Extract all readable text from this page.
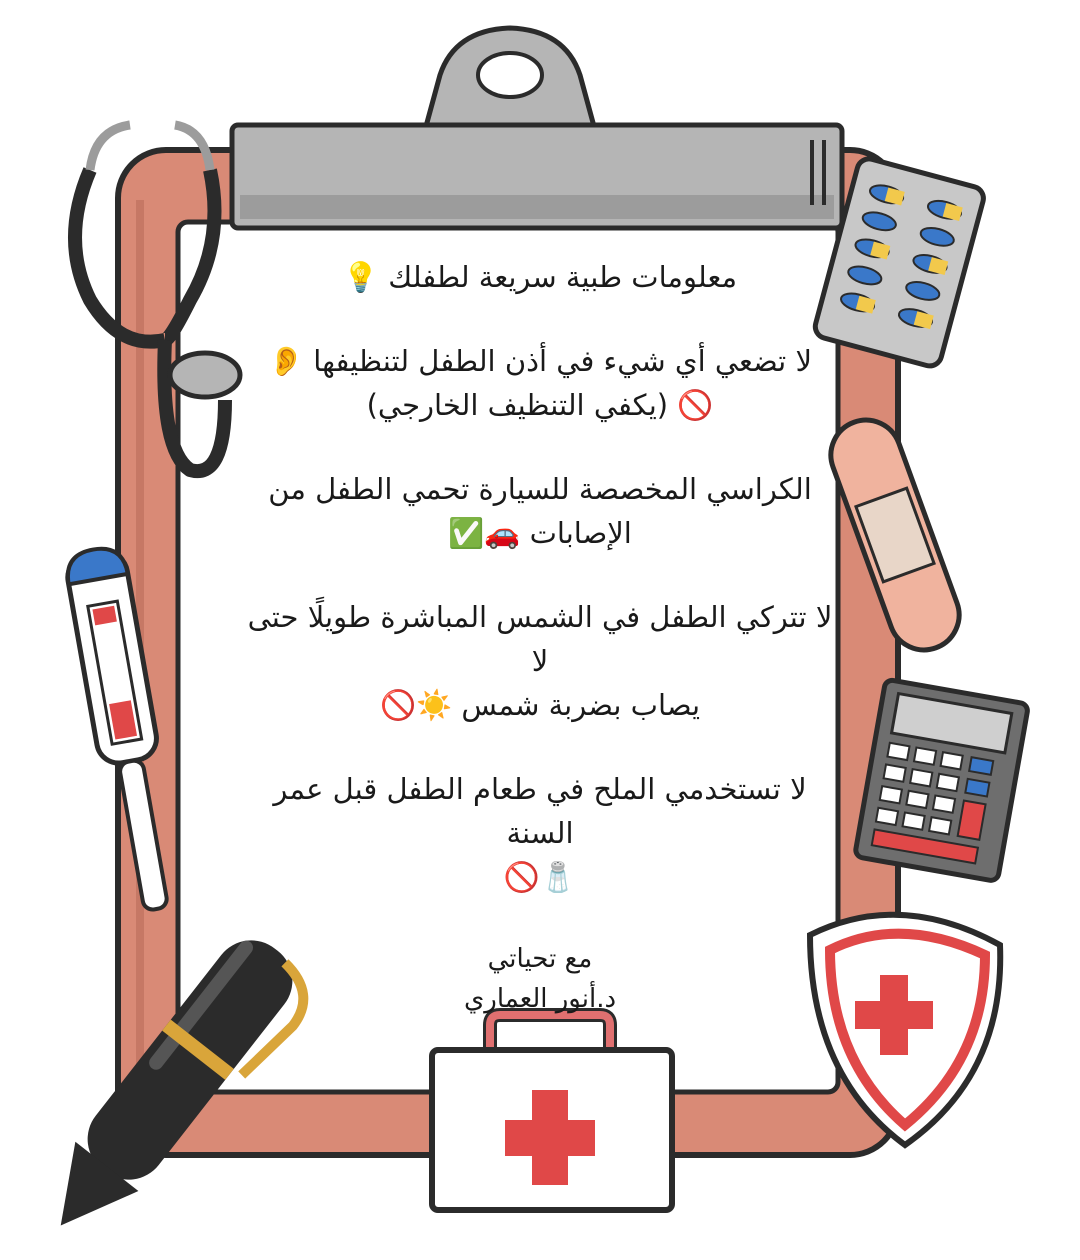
معلومات طبية سريعة لطفلك 💡

لا تضعي أي شيء في أذن الطفل لتنظيفها 👂

🚫 (يكفي التنظيف الخارجي)

الكراسي المخصصة للسيارة تحمي الطفل من

الإصابات 🚗✅

لا تتركي الطفل في الشمس المباشرة طويلًا حتى لا

يصاب بضربة شمس ☀️🚫

لا تستخدمي الملح في طعام الطفل قبل عمر السنة

🧂🚫

مع تحياتي
د.أنور العماري
